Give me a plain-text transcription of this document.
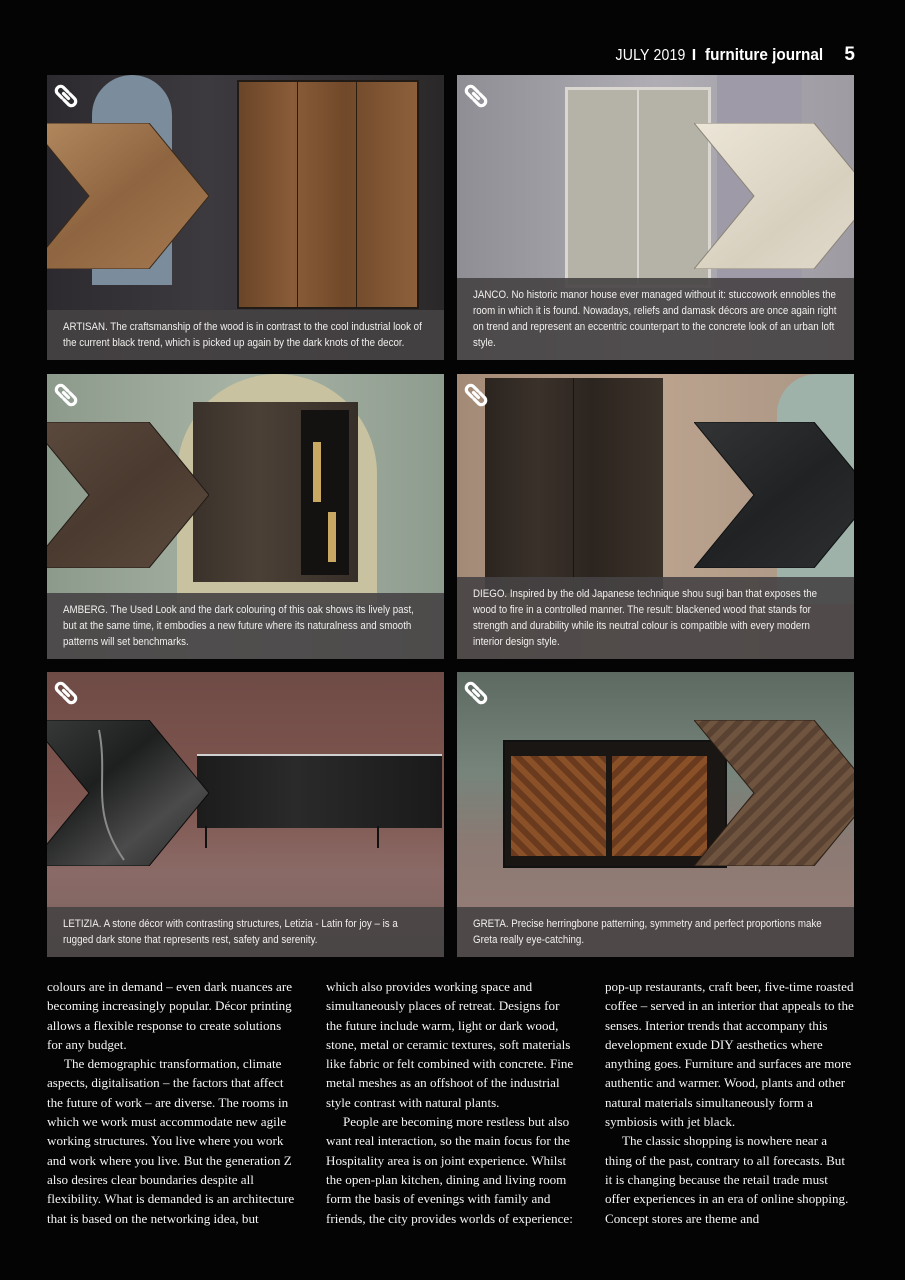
JULY 2019 I furniture journal 5
ARTISAN. The craftsmanship of the wood is in contrast to the cool industrial look of the current black trend, which is picked up again by the dark knots of the decor.
JANCO. No historic manor house ever managed without it: stuccowork ennobles the room in which it is found. Nowadays, reliefs and damask décors are once again right on trend and represent an eccentric counterpart to the concrete look of an urban loft style.
AMBERG. The Used Look and the dark colouring of this oak shows its lively past, but at the same time, it embodies a new future where its naturalness and smooth patterns will set benchmarks.
DIEGO. Inspired by the old Japanese technique shou sugi ban that exposes the wood to fire in a controlled manner. The result: blackened wood that stands for strength and durability while its neutral colour is compatible with every modern interior design style.
LETIZIA. A stone décor with contrasting structures, Letizia - Latin for joy – is a rugged dark stone that represents rest, safety and serenity.
GRETA. Precise herringbone patterning, symmetry and perfect proportions make Greta really eye-catching.

colours are in demand – even dark nuances are becoming increasingly popular. Décor printing allows a flexible response to create solutions for any budget.

The demographic transformation, climate aspects, digitalisation – the factors that affect the future of work – are diverse. The rooms in which we work must accommodate new agile working structures. You live where you work and work where you live. But the generation Z also desires clear boundaries despite all flexibility. What is demanded is an architecture that is based on the networking idea, but

which also provides working space and simultaneously places of retreat. Designs for the future include warm, light or dark wood, stone, metal or ceramic textures, soft materials like fabric or felt combined with concrete. Fine metal meshes as an offshoot of the industrial style contrast with natural plants.

People are becoming more restless but also want real interaction, so the main focus for the Hospitality area is on joint experience. Whilst the open-plan kitchen, dining and living room form the basis of evenings with family and friends, the city provides worlds of experience:

pop-up restaurants, craft beer, five-time roasted coffee – served in an interior that appeals to the senses. Interior trends that accompany this development exude DIY aesthetics where anything goes. Furniture and surfaces are more authentic and warmer. Wood, plants and other natural materials simultaneously form a symbiosis with jet black.

The classic shopping is nowhere near a thing of the past, contrary to all forecasts. But it is changing because the retail trade must offer experiences in an era of online shopping. Concept stores are theme and
